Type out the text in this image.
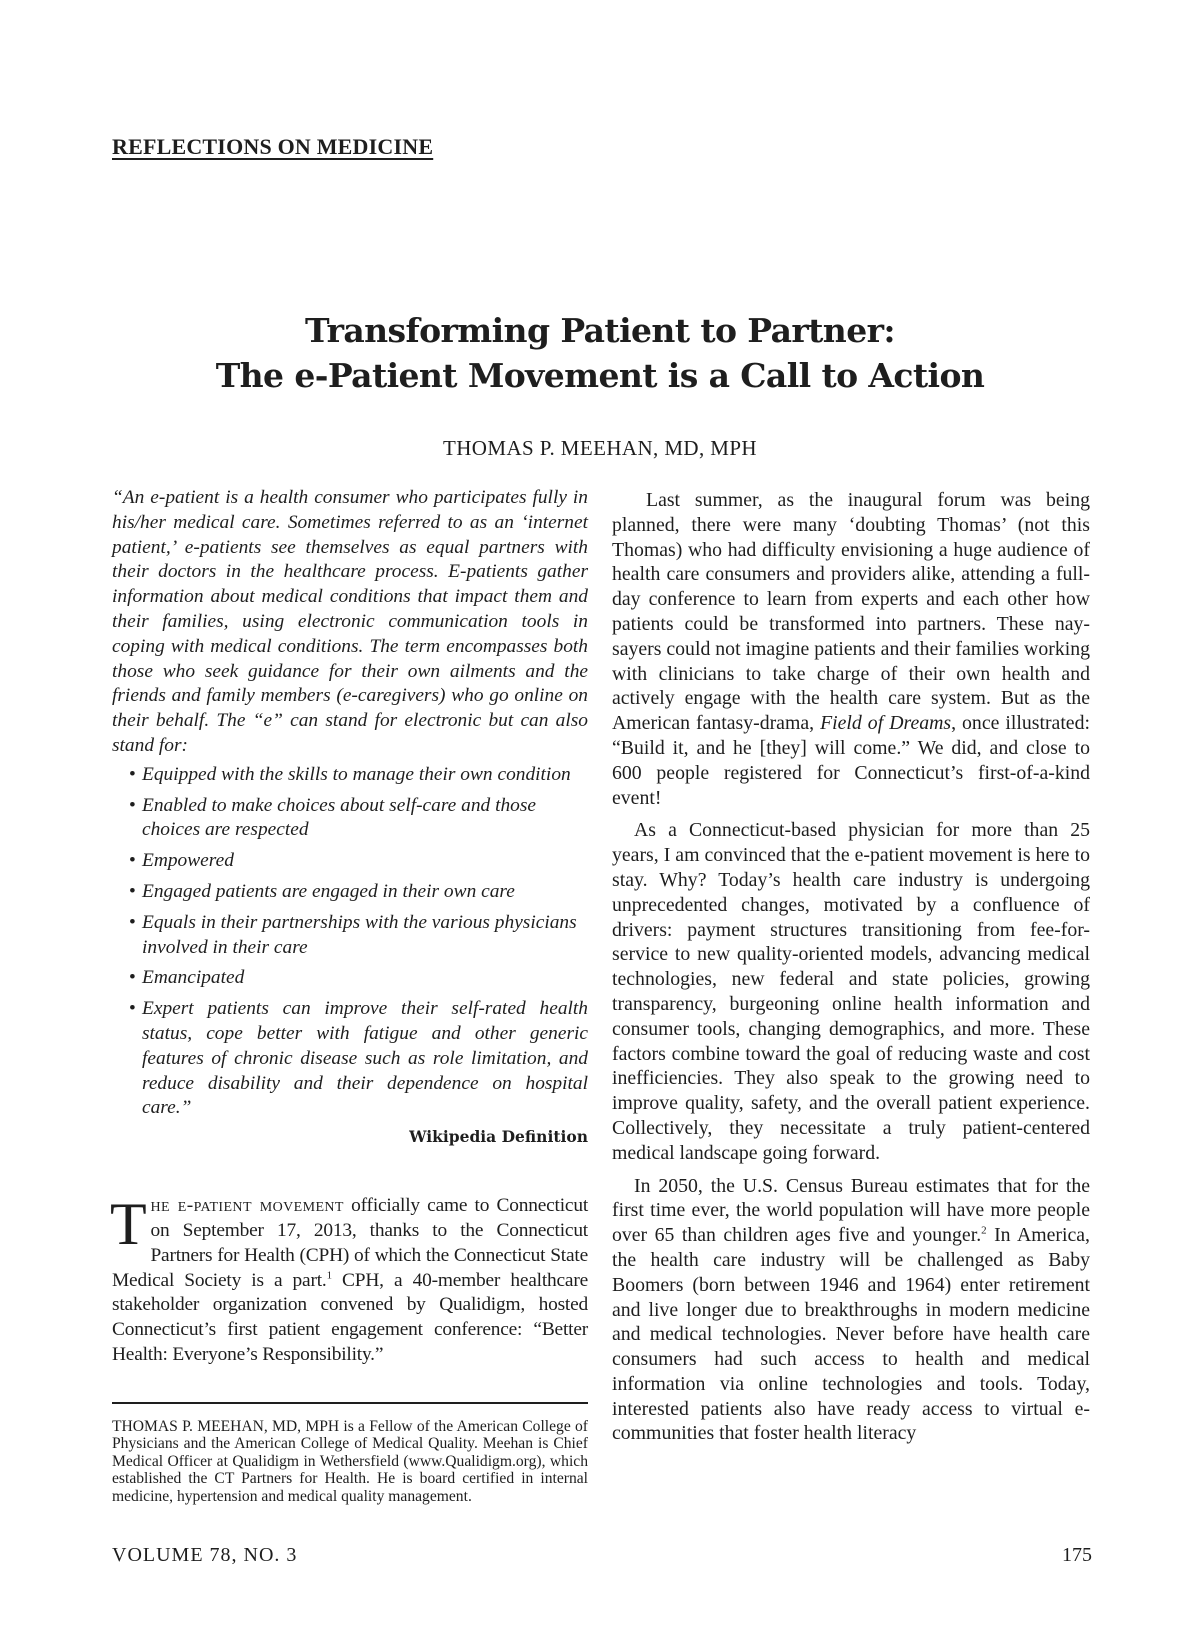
REFLECTIONS ON MEDICINE
Transforming Patient to Partner:
The e-Patient Movement is a Call to Action
THOMAS P. MEEHAN, MD, MPH

“An e-patient is a health consumer who participates fully in his/her medical care. Sometimes referred to as an ‘internet patient,’ e-patients see themselves as equal partners with their doctors in the healthcare process. E-patients gather information about medical conditions that impact them and their families, using electronic communication tools in coping with medical conditions. The term encompasses both those who seek guidance for their own ailments and the friends and family members (e-caregivers) who go online on their behalf. The “e” can stand for electronic but can also stand for:

• Equipped with the skills to manage their own condition
• Enabled to make choices about self-care and those choices are respected
• Empowered
• Engaged patients are engaged in their own care
• Equals in their partnerships with the various physicians involved in their care
• Emancipated
• Expert patients can improve their self-rated health status, cope better with fatigue and other generic features of chronic disease such as role limitation, and reduce disability and their dependence on hospital care.”
Wikipedia Definition
The e-patient movement officially came to Connecticut on September 17, 2013, thanks to the Connecticut Partners for Health (CPH) of which the Connecticut State Medical Society is a part.$^1$ CPH, a 40-member healthcare stakeholder organization convened by Qualidigm, hosted Connecticut’s first patient engagement conference: “Better Health: Everyone’s Responsibility.”
THOMAS P. MEEHAN, MD, MPH is a Fellow of the American College of Physicians and the American College of Medical Quality. Meehan is Chief Medical Officer at Qualidigm in Wethersfield (www.Qualidigm.org), which established the CT Partners for Health. He is board certified in internal medicine, hypertension and medical quality management.

Last summer, as the inaugural forum was being planned, there were many ‘doubting Thomas’ (not this Thomas) who had difficulty envisioning a huge audience of health care consumers and providers alike, attending a full-day conference to learn from experts and each other how patients could be transformed into partners. These nay-sayers could not imagine patients and their families working with clinicians to take charge of their own health and actively engage with the health care system. But as the American fantasy-drama, Field of Dreams, once illustrated: “Build it, and he [they] will come.” We did, and close to 600 people registered for Connecticut’s first-of-a-kind event!

As a Connecticut-based physician for more than 25 years, I am convinced that the e-patient movement is here to stay. Why? Today’s health care industry is undergoing unprecedented changes, motivated by a confluence of drivers: payment structures transitioning from fee-for-service to new quality-oriented models, advancing medical technologies, new federal and state policies, growing transparency, burgeoning online health information and consumer tools, changing demographics, and more. These factors combine toward the goal of reducing waste and cost inefficiencies. They also speak to the growing need to improve quality, safety, and the overall patient experience. Collectively, they necessitate a truly patient-centered medical landscape going forward.

In 2050, the U.S. Census Bureau estimates that for the first time ever, the world population will have more people over 65 than children ages five and younger.$^2$ In America, the health care industry will be challenged as Baby Boomers (born between 1946 and 1964) enter retirement and live longer due to breakthroughs in modern medicine and medical technologies. Never before have health care consumers had such access to health and medical information via online technologies and tools. Today, interested patients also have ready access to virtual e-communities that foster health literacy

VOLUME 78, NO. 3	175
